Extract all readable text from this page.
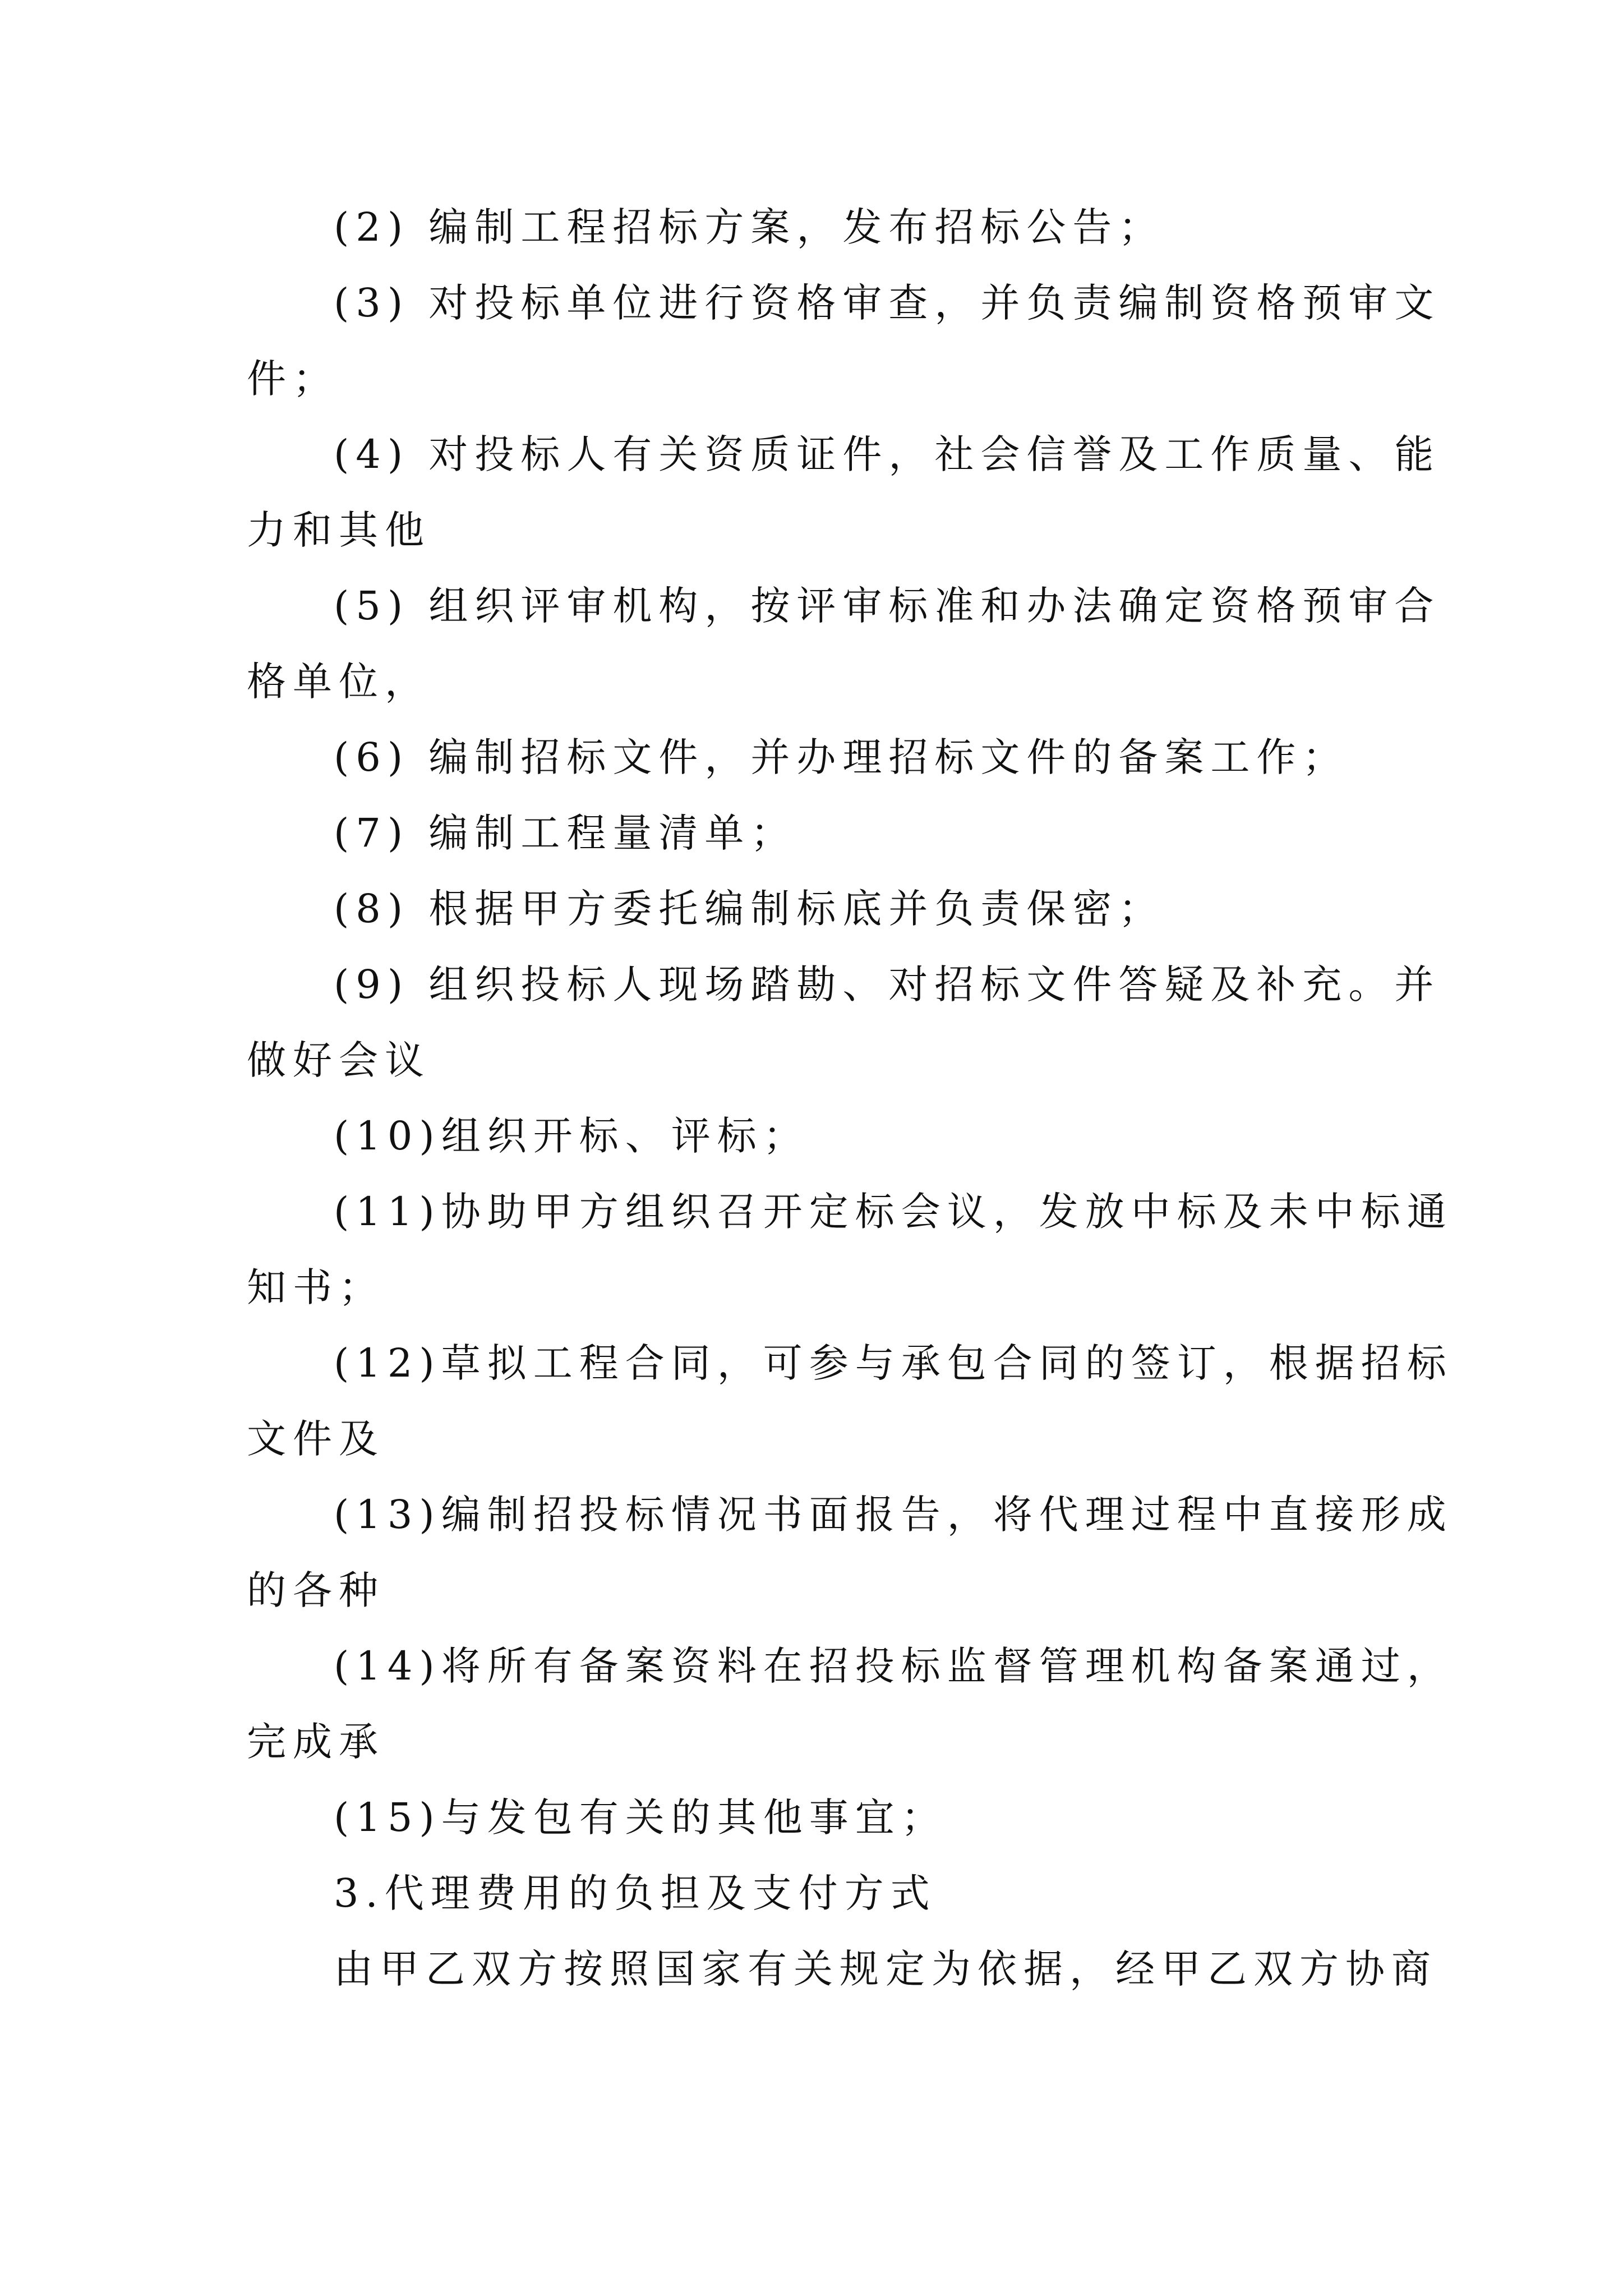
(2) 编制工程招标方案，发布招标公告；

(3) 对投标单位进行资格审查，并负责编制资格预审文

件；

(4) 对投标人有关资质证件，社会信誉及工作质量、能

力和其他

(5) 组织评审机构，按评审标准和办法确定资格预审合

格单位，

(6) 编制招标文件，并办理招标文件的备案工作；

(7) 编制工程量清单；

(8) 根据甲方委托编制标底并负责保密；

(9) 组织投标人现场踏勘、对招标文件答疑及补充。并

做好会议

(10)组织开标、评标；

(11)协助甲方组织召开定标会议，发放中标及未中标通

知书；

(12)草拟工程合同，可参与承包合同的签订，根据招标

文件及

(13)编制招投标情况书面报告，将代理过程中直接形成

的各种

(14)将所有备案资料在招投标监督管理机构备案通过，

完成承

(15)与发包有关的其他事宜；

3.代理费用的负担及支付方式

由甲乙双方按照国家有关规定为依据，经甲乙双方协商
